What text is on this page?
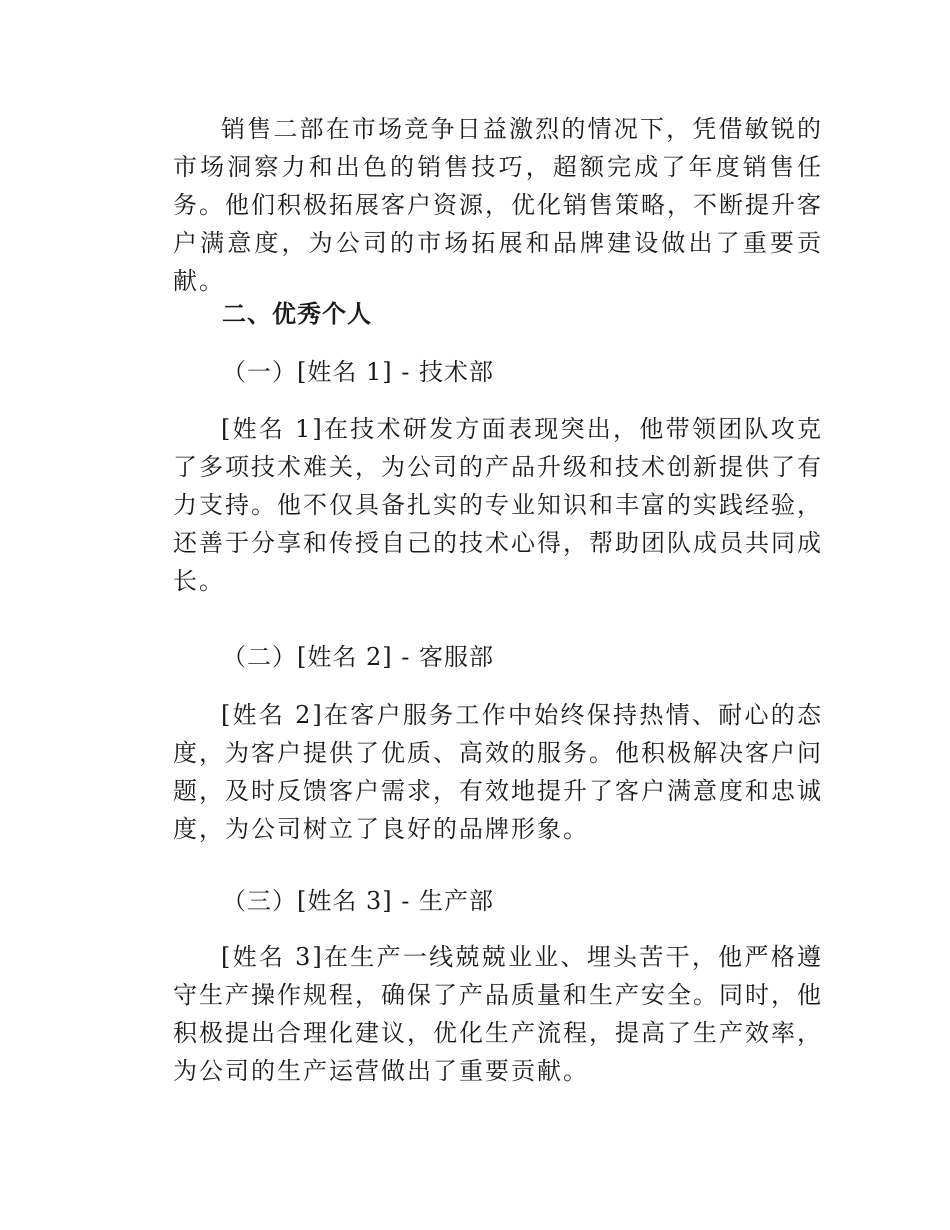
销售二部在市场竞争日益激烈的情况下，凭借敏锐的市场洞察力和出色的销售技巧，超额完成了年度销售任务。他们积极拓展客户资源，优化销售策略，不断提升客户满意度，为公司的市场拓展和品牌建设做出了重要贡献。

二、优秀个人
（一）[姓名 1] - 技术部

[姓名 1]在技术研发方面表现突出，他带领团队攻克了多项技术难关，为公司的产品升级和技术创新提供了有力支持。他不仅具备扎实的专业知识和丰富的实践经验，还善于分享和传授自己的技术心得，帮助团队成员共同成长。

（二）[姓名 2] - 客服部

[姓名 2]在客户服务工作中始终保持热情、耐心的态度，为客户提供了优质、高效的服务。他积极解决客户问题，及时反馈客户需求，有效地提升了客户满意度和忠诚度，为公司树立了良好的品牌形象。

（三）[姓名 3] - 生产部

[姓名 3]在生产一线兢兢业业、埋头苦干，他严格遵守生产操作规程，确保了产品质量和生产安全。同时，他积极提出合理化建议，优化生产流程，提高了生产效率，为公司的生产运营做出了重要贡献。
